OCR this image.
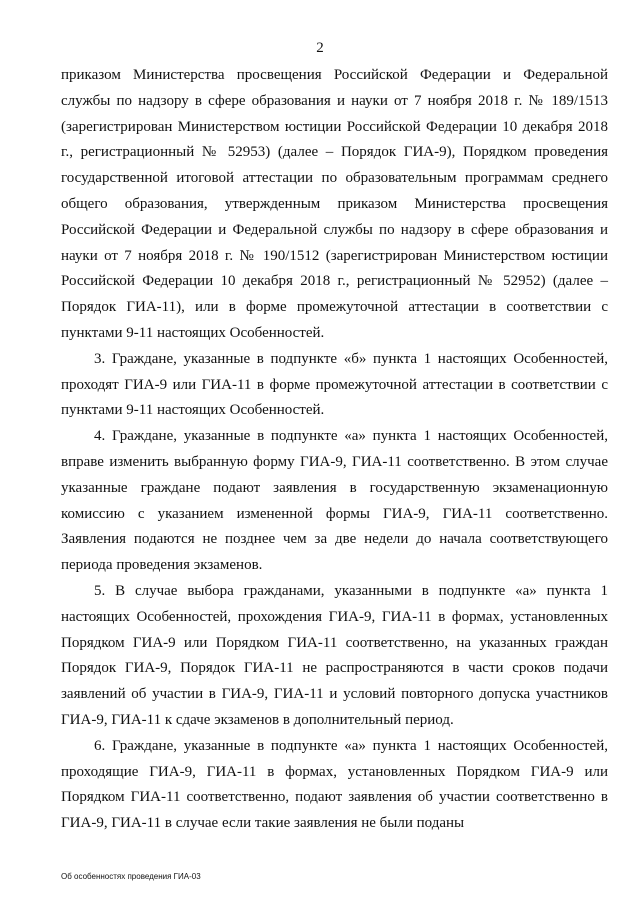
2

приказом Министерства просвещения Российской Федерации и Федеральной службы по надзору в сфере образования и науки от 7 ноября 2018 г. № 189/1513 (зарегистрирован Министерством юстиции Российской Федерации 10 декабря 2018 г., регистрационный № 52953) (далее – Порядок ГИА-9), Порядком проведения государственной итоговой аттестации по образовательным программам среднего общего образования, утвержденным приказом Министерства просвещения Российской Федерации и Федеральной службы по надзору в сфере образования и науки от 7 ноября 2018 г. № 190/1512 (зарегистрирован Министерством юстиции Российской Федерации 10 декабря 2018 г., регистрационный № 52952) (далее – Порядок ГИА-11), или в форме промежуточной аттестации в соответствии с пунктами 9-11 настоящих Особенностей.

3. Граждане, указанные в подпункте «б» пункта 1 настоящих Особенностей, проходят ГИА-9 или ГИА-11 в форме промежуточной аттестации в соответствии с пунктами 9-11 настоящих Особенностей.

4. Граждане, указанные в подпункте «а» пункта 1 настоящих Особенностей, вправе изменить выбранную форму ГИА-9, ГИА-11 соответственно. В этом случае указанные граждане подают заявления в государственную экзаменационную комиссию с указанием измененной формы ГИА-9, ГИА-11 соответственно. Заявления подаются не позднее чем за две недели до начала соответствующего периода проведения экзаменов.

5. В случае выбора гражданами, указанными в подпункте «а» пункта 1 настоящих Особенностей, прохождения ГИА-9, ГИА-11 в формах, установленных Порядком ГИА-9 или Порядком ГИА-11 соответственно, на указанных граждан Порядок ГИА-9, Порядок ГИА-11 не распространяются в части сроков подачи заявлений об участии в ГИА-9, ГИА-11 и условий повторного допуска участников ГИА-9, ГИА-11 к сдаче экзаменов в дополнительный период.

6. Граждане, указанные в подпункте «а» пункта 1 настоящих Особенностей, проходящие ГИА-9, ГИА-11 в формах, установленных Порядком ГИА-9 или Порядком ГИА-11 соответственно, подают заявления об участии соответственно в ГИА-9, ГИА-11 в случае если такие заявления не были поданы

Об особенностях проведения ГИА-03
